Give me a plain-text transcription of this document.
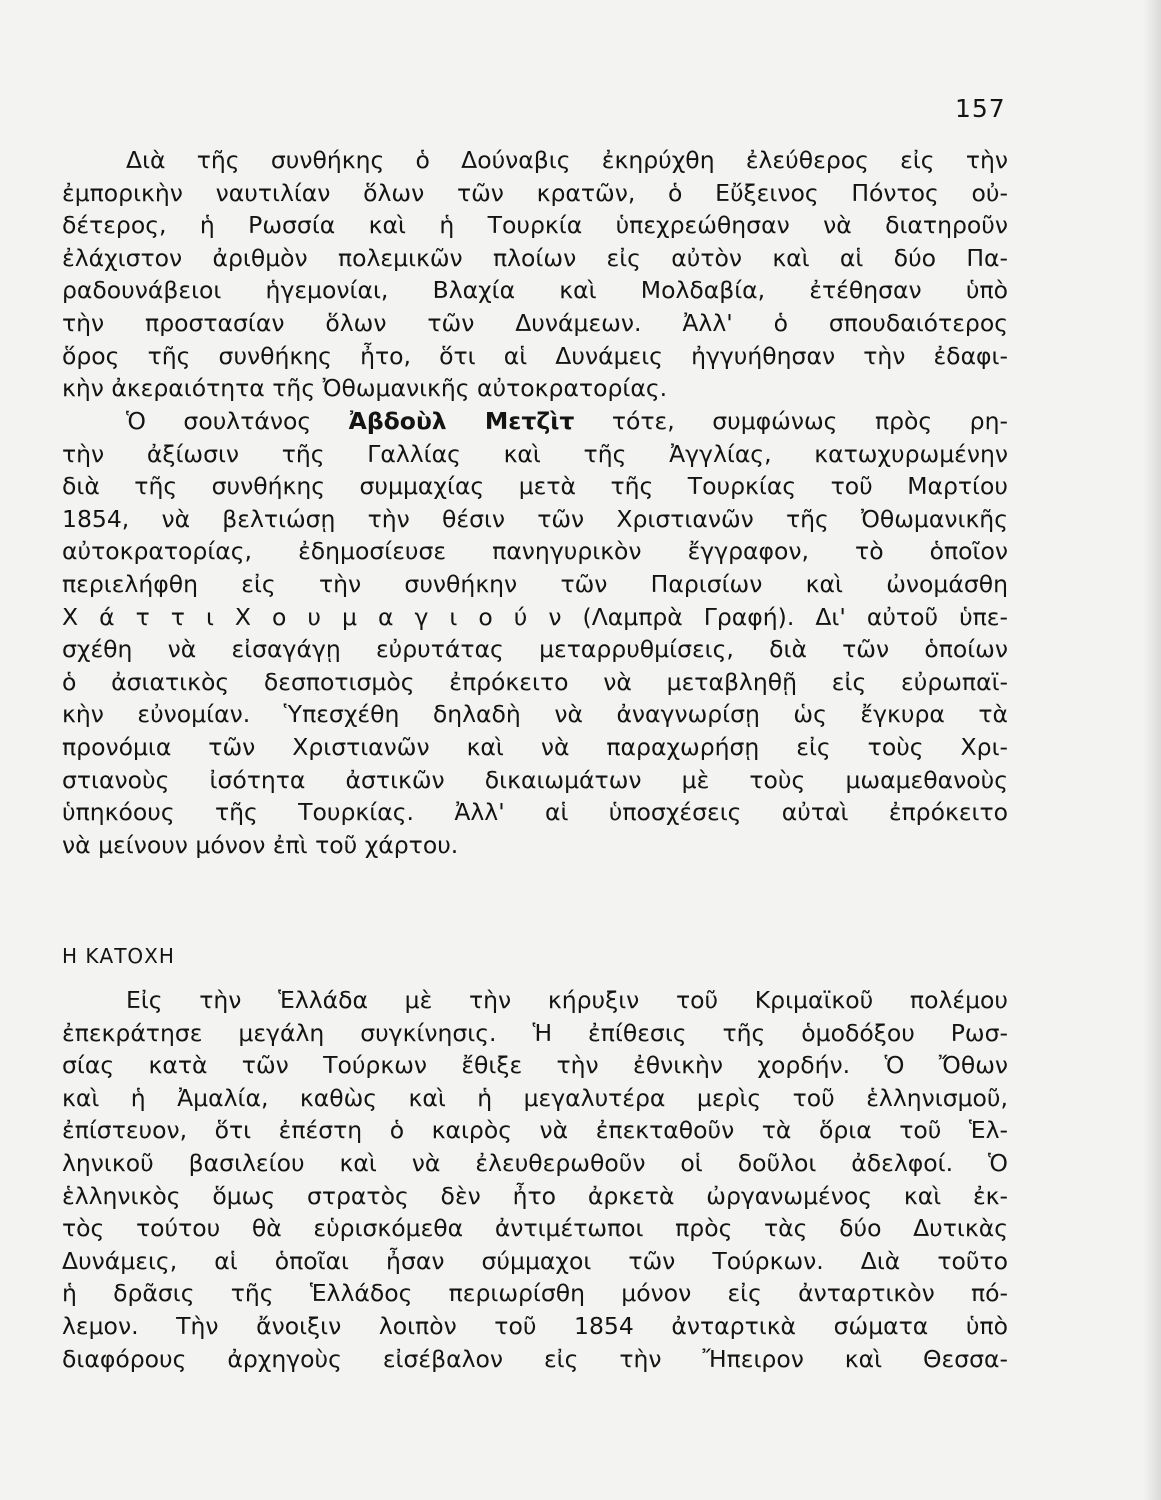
157
Διὰ τῆς συνθήκης ὁ Δούναβις ἐκηρύχθη ἐλεύθερος εἰς τὴν
ἐμπορικὴν ναυτιλίαν ὅλων τῶν κρατῶν, ὁ Εὔξεινος Πόντος οὐ-
δέτερος, ἡ Ρωσσία καὶ ἡ Τουρκία ὑπεχρεώθησαν νὰ διατηροῦν
ἐλάχιστον ἀριθμὸν πολεμικῶν πλοίων εἰς αὐτὸν καὶ αἱ δύο Πα-
ραδουνάβειοι ἡγεμονίαι, Βλαχία καὶ Μολδαβία, ἐτέθησαν ὑπὸ
τὴν προστασίαν ὅλων τῶν Δυνάμεων. Ἀλλ' ὁ σπουδαιότερος
ὅρος τῆς συνθήκης ἦτο, ὅτι αἱ Δυνάμεις ἠγγυήθησαν τὴν ἐδαφι-
κὴν ἀκεραιότητα τῆς Ὀθωμανικῆς αὐτοκρατορίας.
Ὁ σουλτάνος Ἀβδοὺλ Μετζὶτ τότε, συμφώνως πρὸς ρη-
τὴν ἀξίωσιν τῆς Γαλλίας καὶ τῆς Ἀγγλίας, κατωχυρωμένην
διὰ τῆς συνθήκης συμμαχίας μετὰ τῆς Τουρκίας τοῦ Μαρτίου
1854, νὰ βελτιώσῃ τὴν θέσιν τῶν Χριστιανῶν τῆς Ὀθωμανικῆς
αὐτοκρατορίας, ἐδημοσίευσε πανηγυρικὸν ἔγγραφον, τὸ ὁποῖον
περιελήφθη εἰς τὴν συνθήκην τῶν Παρισίων καὶ ὠνομάσθη
Χ ά τ τ ι Χ ο υ μ α γ ι ο ύ ν (Λαμπρὰ Γραφή). Δι' αὐτοῦ ὑπε-
σχέθη νὰ εἰσαγάγῃ εὐρυτάτας μεταρρυθμίσεις, διὰ τῶν ὁποίων
ὁ ἀσιατικὸς δεσποτισμὸς ἐπρόκειτο νὰ μεταβληθῇ εἰς εὐρωπαϊ-
κὴν εὐνομίαν. Ὑπεσχέθη δηλαδὴ νὰ ἀναγνωρίσῃ ὡς ἔγκυρα τὰ
προνόμια τῶν Χριστιανῶν καὶ νὰ παραχωρήσῃ εἰς τοὺς Χρι-
στιανοὺς ἰσότητα ἀστικῶν δικαιωμάτων μὲ τοὺς μωαμεθανοὺς
ὑπηκόους τῆς Τουρκίας. Ἀλλ' αἱ ὑποσχέσεις αὐταὶ ἐπρόκειτο
νὰ μείνουν μόνον ἐπὶ τοῦ χάρτου.
Η ΚΑΤΟΧΗ
Εἰς τὴν Ἑλλάδα μὲ τὴν κήρυξιν τοῦ Κριμαϊκοῦ πολέμου
ἐπεκράτησε μεγάλη συγκίνησις. Ἡ ἐπίθεσις τῆς ὁμοδόξου Ρωσ-
σίας κατὰ τῶν Τούρκων ἔθιξε τὴν ἐθνικὴν χορδήν. Ὁ Ὄθων
καὶ ἡ Ἀμαλία, καθὼς καὶ ἡ μεγαλυτέρα μερὶς τοῦ ἑλληνισμοῦ,
ἐπίστευον, ὅτι ἐπέστη ὁ καιρὸς νὰ ἐπεκταθοῦν τὰ ὅρια τοῦ Ἑλ-
ληνικοῦ βασιλείου καὶ νὰ ἐλευθερωθοῦν οἱ δοῦλοι ἀδελφοί. Ὁ
ἑλληνικὸς ὅμως στρατὸς δὲν ἦτο ἀρκετὰ ὠργανωμένος καὶ ἐκ-
τὸς τούτου θὰ εὑρισκόμεθα ἀντιμέτωποι πρὸς τὰς δύο Δυτικὰς
Δυνάμεις, αἱ ὁποῖαι ἦσαν σύμμαχοι τῶν Τούρκων. Διὰ τοῦτο
ἡ δρᾶσις τῆς Ἑλλάδος περιωρίσθη μόνον εἰς ἀνταρτικὸν πό-
λεμον. Τὴν ἄνοιξιν λοιπὸν τοῦ 1854 ἀνταρτικὰ σώματα ὑπὸ
διαφόρους ἀρχηγοὺς εἰσέβαλον εἰς τὴν Ἤπειρον καὶ Θεσσα-
